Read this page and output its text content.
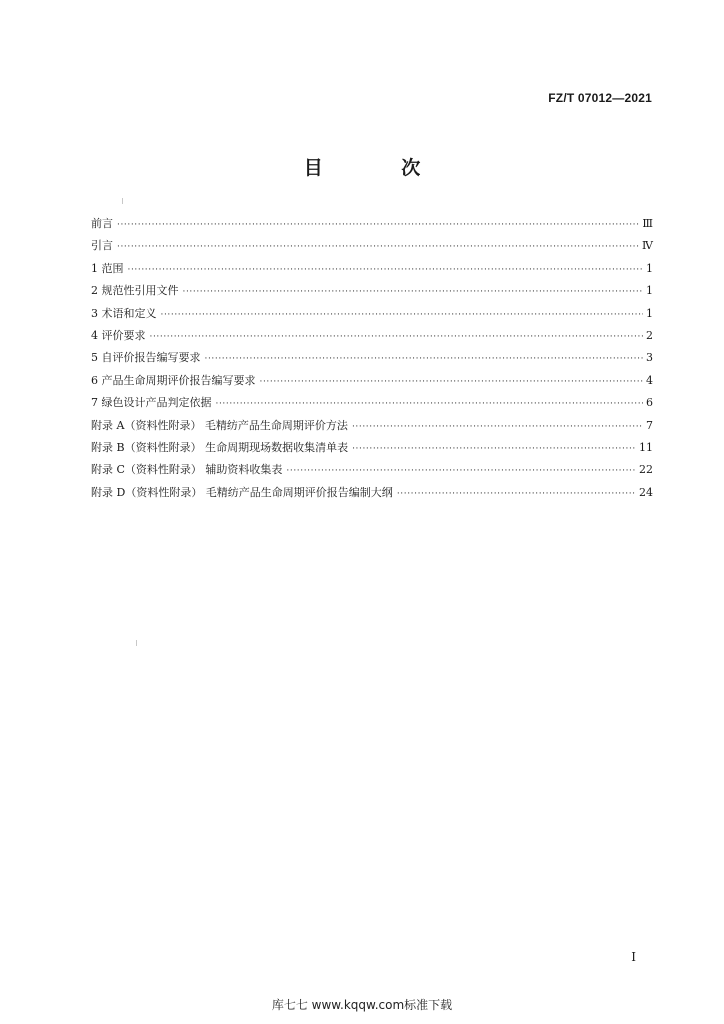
FZ/T 07012—2021
目 次
前言 ·····	Ⅲ
引言 ·····	Ⅳ
1 范围 ·····	1
2 规范性引用文件 ·····	1
3 术语和定义 ·····	1
4 评价要求 ·····	2
5 自评价报告编写要求 ·····	3
6 产品生命周期评价报告编写要求 ·····	4
7 绿色设计产品判定依据 ·····	6
附录 A（资料性附录） 毛精纺产品生命周期评价方法 ·····	7
附录 B（资料性附录） 生命周期现场数据收集清单表 ·····	11
附录 C（资料性附录） 辅助资料收集表 ·····	22
附录 D（资料性附录） 毛精纺产品生命周期评价报告编制大纲 ·····	24
I
库七七 www.kqqw.com标准下载
